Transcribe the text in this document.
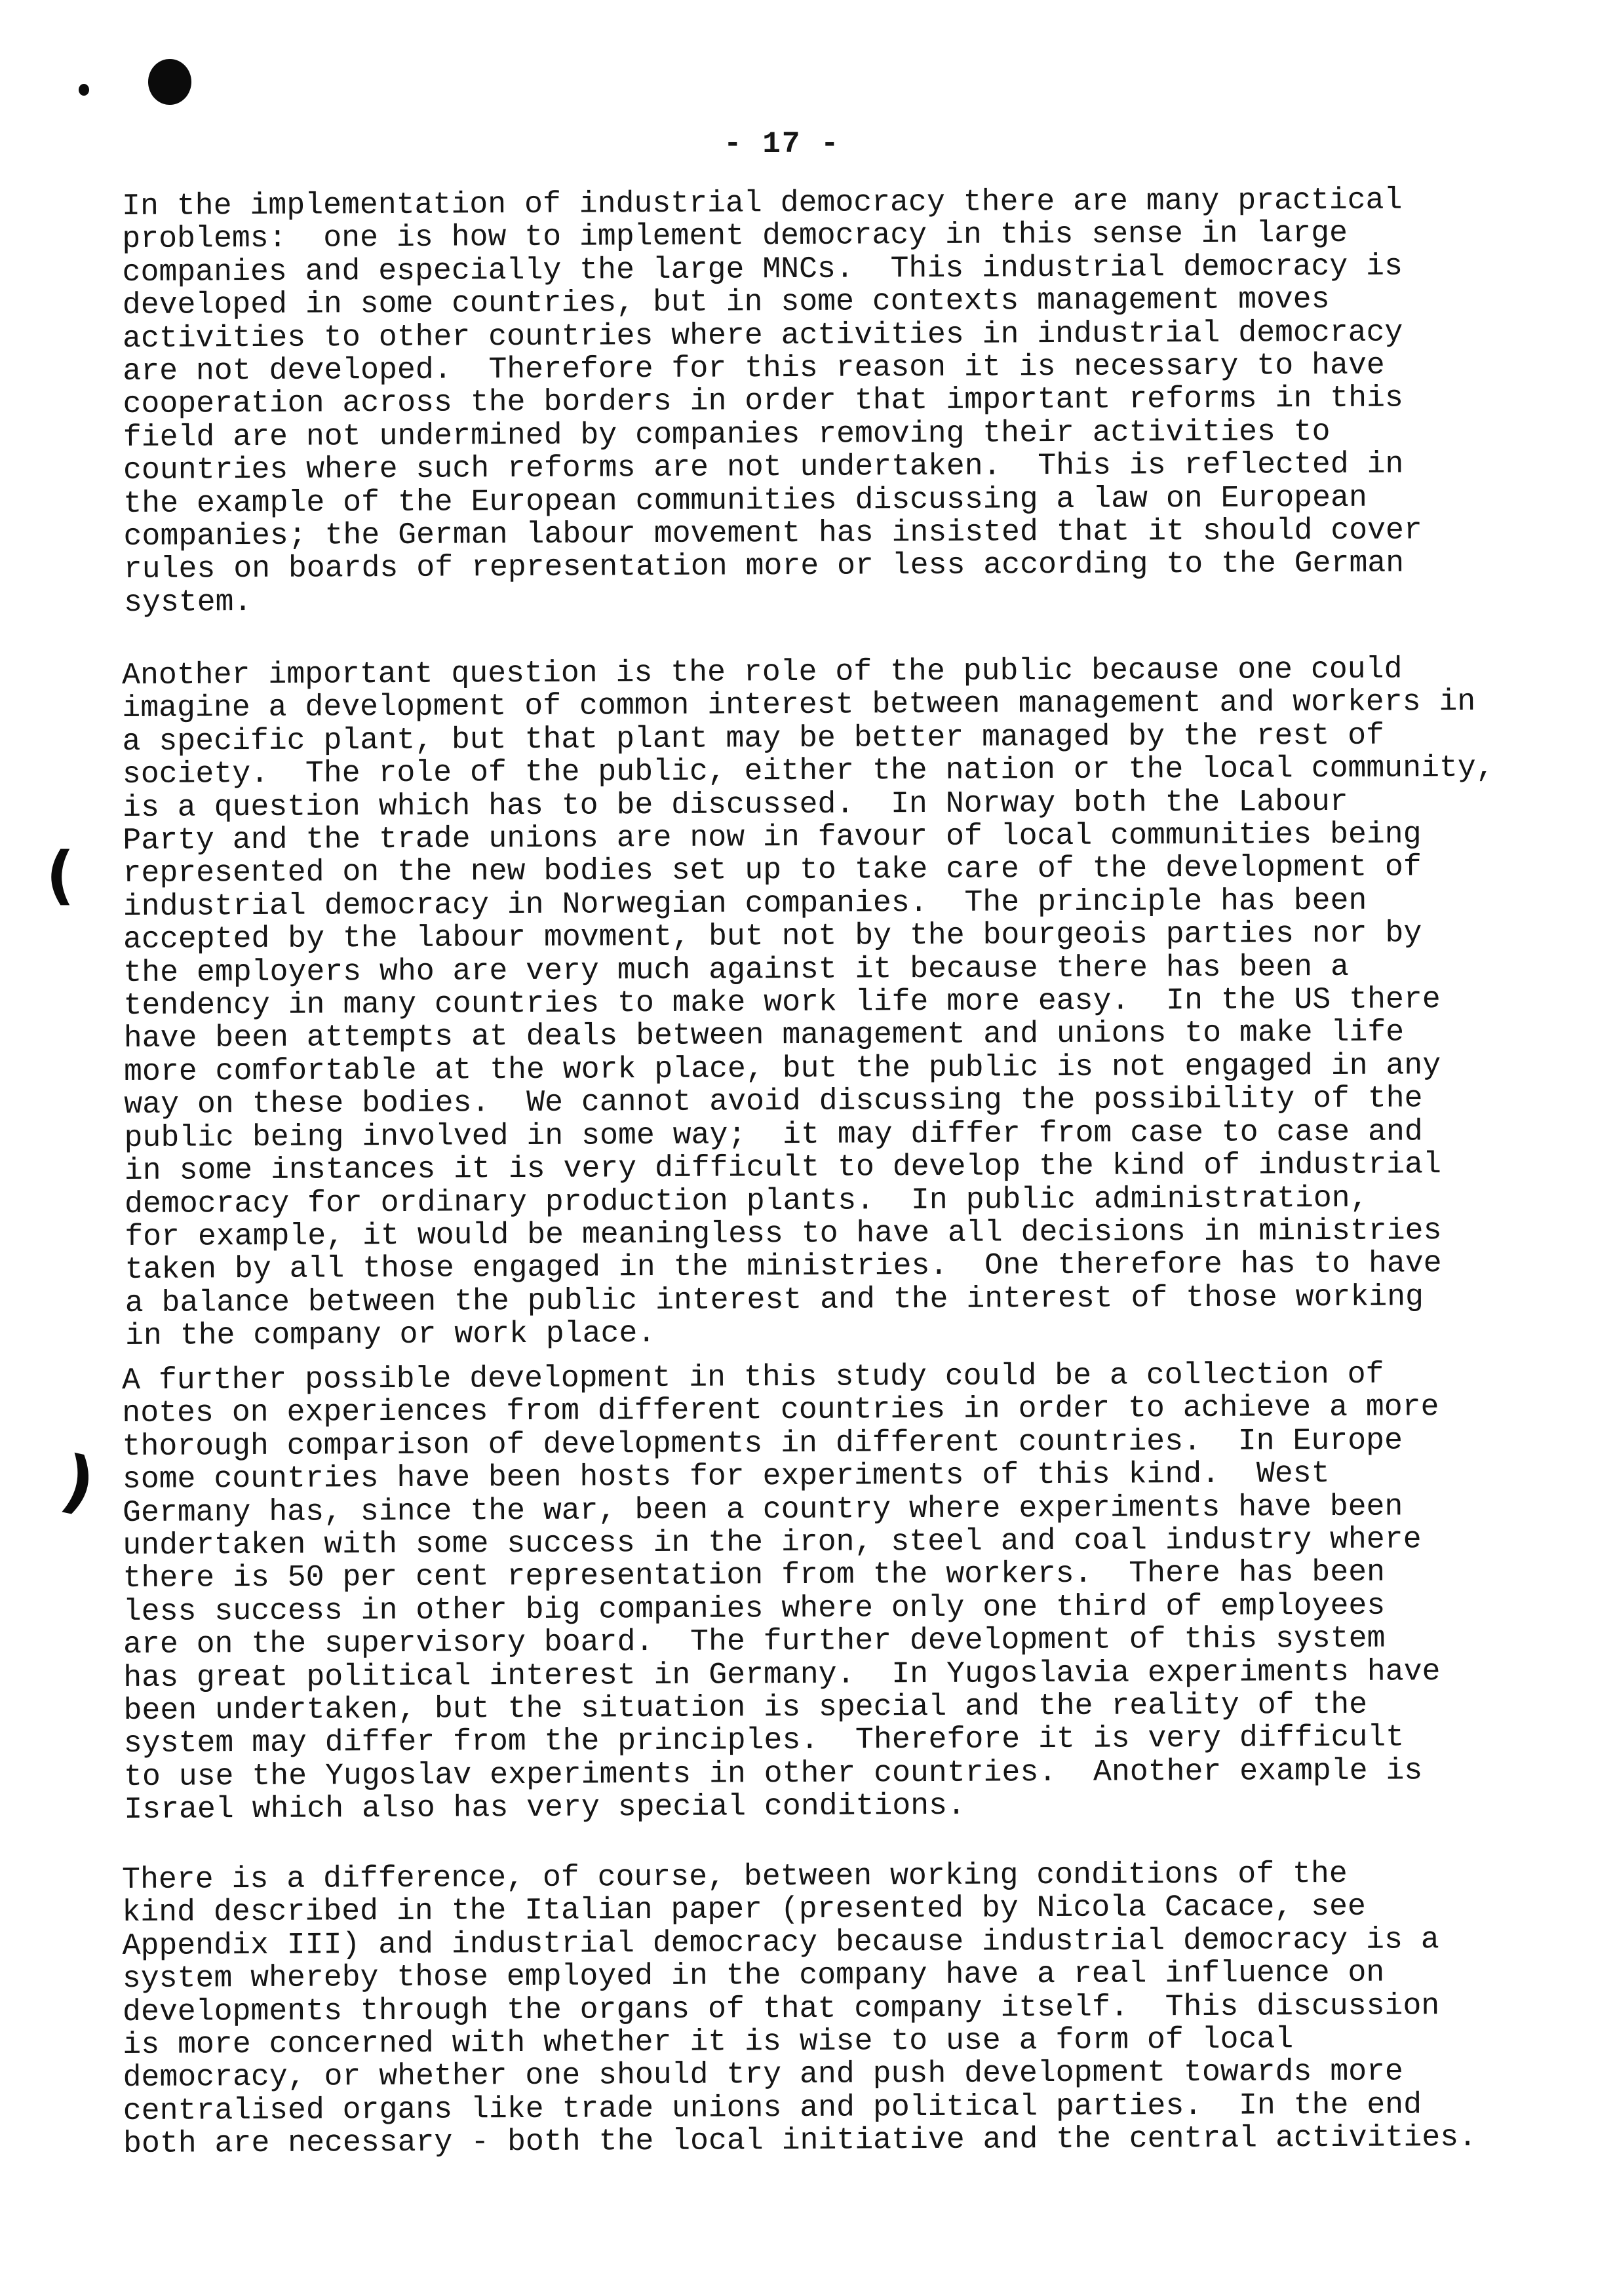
- 17 -
(
)
In the implementation of industrial democracy there are many practical
problems:  one is how to implement democracy in this sense in large
companies and especially the large MNCs.  This industrial democracy is
developed in some countries, but in some contexts management moves
activities to other countries where activities in industrial democracy
are not developed.  Therefore for this reason it is necessary to have
cooperation across the borders in order that important reforms in this
field are not undermined by companies removing their activities to
countries where such reforms are not undertaken.  This is reflected in
the example of the European communities discussing a law on European
companies; the German labour movement has insisted that it should cover
rules on boards of representation more or less according to the German
system.
Another important question is the role of the public because one could
imagine a development of common interest between management and workers in
a specific plant, but that plant may be better managed by the rest of
society.  The role of the public, either the nation or the local community,
is a question which has to be discussed.  In Norway both the Labour
Party and the trade unions are now in favour of local communities being
represented on the new bodies set up to take care of the development of
industrial democracy in Norwegian companies.  The principle has been
accepted by the labour movment, but not by the bourgeois parties nor by
the employers who are very much against it because there has been a
tendency in many countries to make work life more easy.  In the US there
have been attempts at deals between management and unions to make life
more comfortable at the work place, but the public is not engaged in any
way on these bodies.  We cannot avoid discussing the possibility of the
public being involved in some way;  it may differ from case to case and
in some instances it is very difficult to develop the kind of industrial
democracy for ordinary production plants.  In public administration,
for example, it would be meaningless to have all decisions in ministries
taken by all those engaged in the ministries.  One therefore has to have
a balance between the public interest and the interest of those working
in the company or work place.
A further possible development in this study could be a collection of
notes on experiences from different countries in order to achieve a more
thorough comparison of developments in different countries.  In Europe
some countries have been hosts for experiments of this kind.  West
Germany has, since the war, been a country where experiments have been
undertaken with some success in the iron, steel and coal industry where
there is 50 per cent representation from the workers.  There has been
less success in other big companies where only one third of employees
are on the supervisory board.  The further development of this system
has great political interest in Germany.  In Yugoslavia experiments have
been undertaken, but the situation is special and the reality of the
system may differ from the principles.  Therefore it is very difficult
to use the Yugoslav experiments in other countries.  Another example is
Israel which also has very special conditions.
There is a difference, of course, between working conditions of the
kind described in the Italian paper (presented by Nicola Cacace, see
Appendix III) and industrial democracy because industrial democracy is a
system whereby those employed in the company have a real influence on
developments through the organs of that company itself.  This discussion
is more concerned with whether it is wise to use a form of local
democracy, or whether one should try and push development towards more
centralised organs like trade unions and political parties.  In the end
both are necessary - both the local initiative and the central activities.
